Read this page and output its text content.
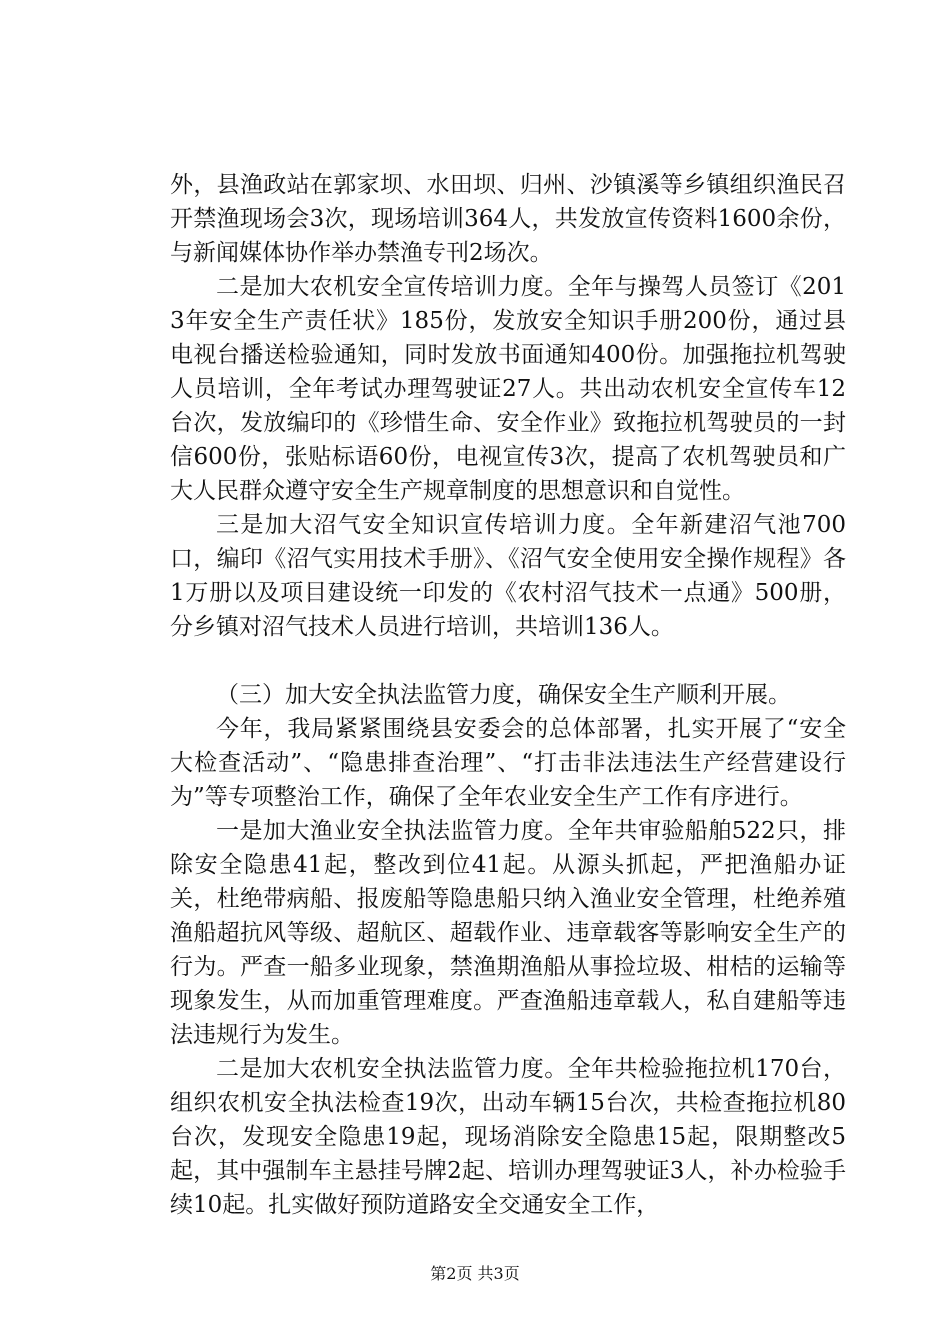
外，县渔政站在郭家坝、水田坝、归州、沙镇溪等乡镇组织渔民召开禁渔现场会3次，现场培训364人，共发放宣传资料1600余份，与新闻媒体协作举办禁渔专刊2场次。

二是加大农机安全宣传培训力度。全年与操驾人员签订《2013年安全生产责任状》185份，发放安全知识手册200份，通过县电视台播送检验通知，同时发放书面通知400份。加强拖拉机驾驶人员培训，全年考试办理驾驶证27人。共出动农机安全宣传车12台次，发放编印的《珍惜生命、安全作业》致拖拉机驾驶员的一封信600份，张贴标语60份，电视宣传3次，提高了农机驾驶员和广大人民群众遵守安全生产规章制度的思想意识和自觉性。

三是加大沼气安全知识宣传培训力度。全年新建沼气池700口，编印《沼气实用技术手册》、《沼气安全使用安全操作规程》各1万册以及项目建设统一印发的《农村沼气技术一点通》500册，分乡镇对沼气技术人员进行培训，共培训136人。

（三）加大安全执法监管力度，确保安全生产顺利开展。

今年，我局紧紧围绕县安委会的总体部署，扎实开展了“安全大检查活动”、“隐患排查治理”、“打击非法违法生产经营建设行为”等专项整治工作，确保了全年农业安全生产工作有序进行。

一是加大渔业安全执法监管力度。全年共审验船舶522只，排除安全隐患41起，整改到位41起。从源头抓起，严把渔船办证关，杜绝带病船、报废船等隐患船只纳入渔业安全管理，杜绝养殖渔船超抗风等级、超航区、超载作业、违章载客等影响安全生产的行为。严查一船多业现象，禁渔期渔船从事捡垃圾、柑桔的运输等现象发生，从而加重管理难度。严查渔船违章载人，私自建船等违法违规行为发生。

二是加大农机安全执法监管力度。全年共检验拖拉机170台，组织农机安全执法检查19次，出动车辆15台次，共检查拖拉机80台次，发现安全隐患19起，现场消除安全隐患15起，限期整改5起，其中强制车主悬挂号牌2起、培训办理驾驶证3人，补办检验手续10起。扎实做好预防道路安全交通安全工作，

第2页 共3页
